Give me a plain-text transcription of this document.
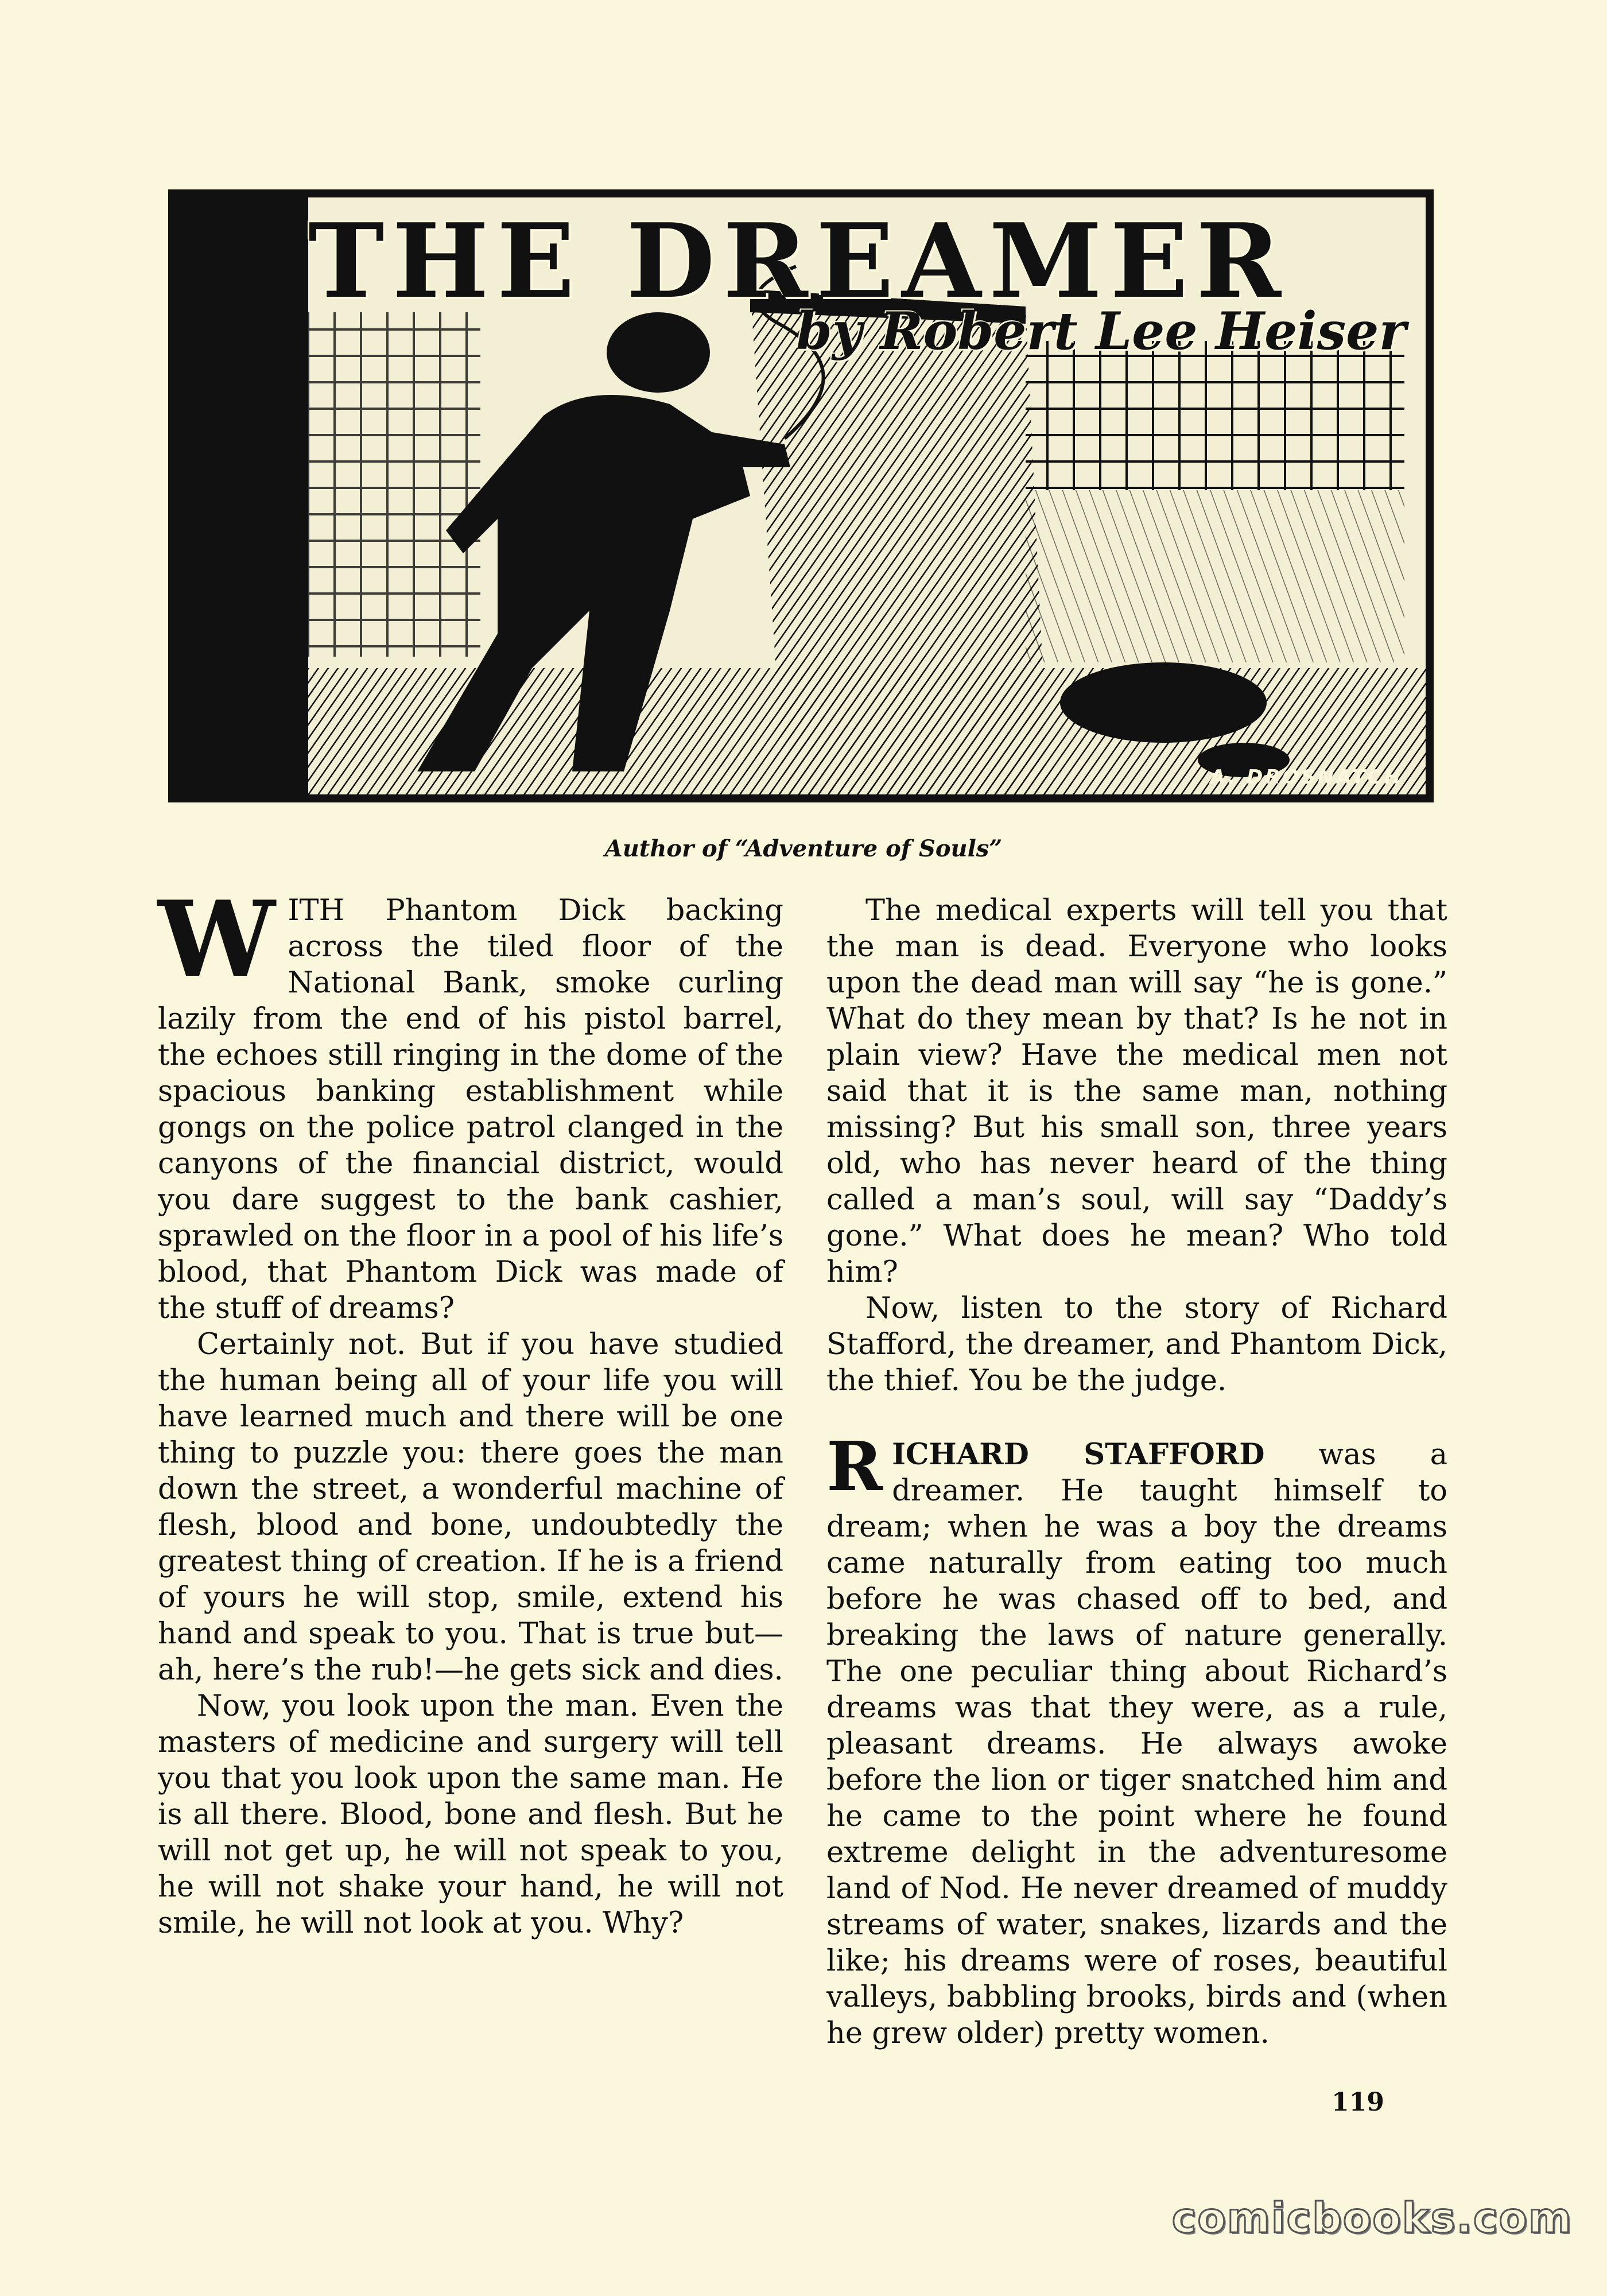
THE DREAMER
by Robert Lee Heiser
A. DROSNATCH
Author of “Adventure of Souls”

WITH Phantom Dick backing across the tiled floor of the National Bank, smoke curling lazily from the end of his pistol barrel, the echoes still ringing in the dome of the spacious banking establishment while gongs on the police patrol clanged in the canyons of the financial district, would you dare suggest to the bank cashier, sprawled on the floor in a pool of his life’s blood, that Phantom Dick was made of the stuff of dreams?

Certainly not. But if you have studied the human being all of your life you will have learned much and there will be one thing to puzzle you: there goes the man down the street, a wonderful machine of flesh, blood and bone, undoubtedly the greatest thing of creation. If he is a friend of yours he will stop, smile, extend his hand and speak to you. That is true but—ah, here’s the rub!—he gets sick and dies.

Now, you look upon the man. Even the masters of medicine and surgery will tell you that you look upon the same man. He is all there. Blood, bone and flesh. But he will not get up, he will not speak to you, he will not shake your hand, he will not smile, he will not look at you. Why?

The medical experts will tell you that the man is dead. Everyone who looks upon the dead man will say “he is gone.” What do they mean by that? Is he not in plain view? Have the medical men not said that it is the same man, nothing missing? But his small son, three years old, who has never heard of the thing called a man’s soul, will say “Daddy’s gone.” What does he mean? Who told him?

Now, listen to the story of Richard Stafford, the dreamer, and Phantom Dick, the thief. You be the judge.

RICHARD STAFFORD was a dreamer. He taught himself to dream; when he was a boy the dreams came naturally from eating too much before he was chased off to bed, and breaking the laws of nature generally. The one peculiar thing about Richard’s dreams was that they were, as a rule, pleasant dreams. He always awoke before the lion or tiger snatched him and he came to the point where he found extreme delight in the adventuresome land of Nod. He never dreamed of muddy streams of water, snakes, lizards and the like; his dreams were of roses, beautiful valleys, babbling brooks, birds and (when he grew older) pretty women.

119
comicbooks.com
